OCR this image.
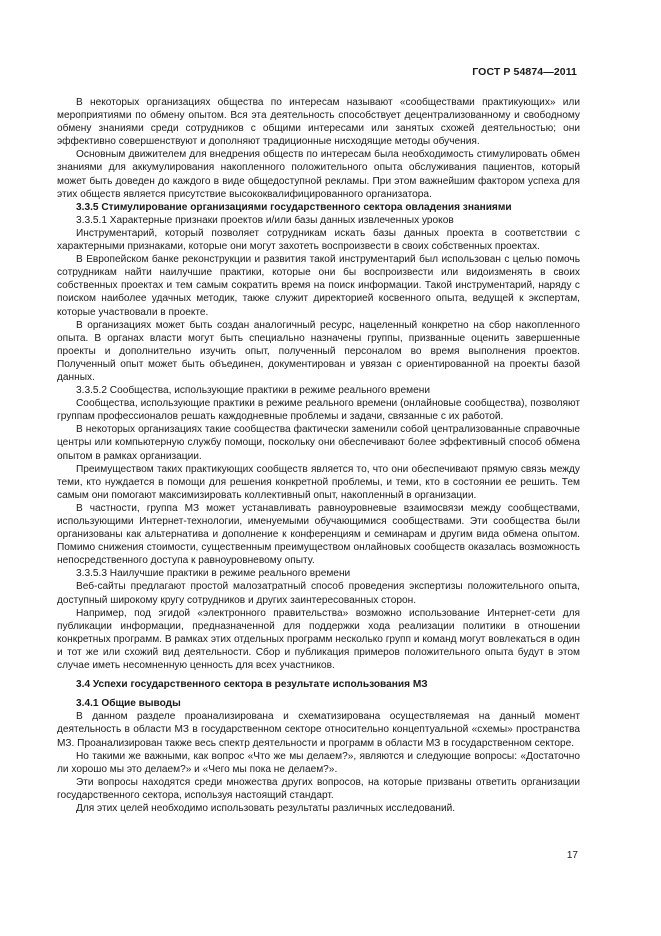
ГОСТ Р 54874—2011

В некоторых организациях общества по интересам называют «сообществами практикующих» или мероприятиями по обмену опытом. Вся эта деятельность способствует децентрализованному и свободному обмену знаниями среди сотрудников с общими интересами или занятых схожей деятельностью; они эффективно совершенствуют и дополняют традиционные нисходящие методы обучения.

Основным движителем для внедрения обществ по интересам была необходимость стимулировать обмен знаниями для аккумулирования накопленного положительного опыта обслуживания пациентов, который может быть доведен до каждого в виде общедоступной рекламы. При этом важнейшим фактором успеха для этих обществ является присутствие высококвалифицированного организатора.

3.3.5 Стимулирование организациями государственного сектора овладения знаниями

3.3.5.1 Характерные признаки проектов и/или базы данных извлеченных уроков

Инструментарий, который позволяет сотрудникам искать базы данных проекта в соответствии с характерными признаками, которые они могут захотеть воспроизвести в своих собственных проектах.

В Европейском банке реконструкции и развития такой инструментарий был использован с целью помочь сотрудникам найти наилучшие практики, которые они бы воспроизвести или видоизменять в своих собственных проектах и тем самым сократить время на поиск информации. Такой инструментарий, наряду с поиском наиболее удачных методик, также служит директорией косвенного опыта, ведущей к экспертам, которые участвовали в проекте.

В организациях может быть создан аналогичный ресурс, нацеленный конкретно на сбор накопленного опыта. В органах власти могут быть специально назначены группы, призванные оценить завершенные проекты и дополнительно изучить опыт, полученный персоналом во время выполнения проектов. Полученный опыт может быть объединен, документирован и увязан с ориентированной на проекты базой данных.

3.3.5.2 Сообщества, использующие практики в режиме реального времени

Сообщества, использующие практики в режиме реального времени (онлайновые сообщества), позволяют группам профессионалов решать каждодневные проблемы и задачи, связанные с их работой.

В некоторых организациях такие сообщества фактически заменили собой централизованные справочные центры или компьютерную службу помощи, поскольку они обеспечивают более эффективный способ обмена опытом в рамках организации.

Преимуществом таких практикующих сообществ является то, что они обеспечивают прямую связь между теми, кто нуждается в помощи для решения конкретной проблемы, и теми, кто в состоянии ее решить. Тем самым они помогают максимизировать коллективный опыт, накопленный в организации.

В частности, группа МЗ может устанавливать равноуровневые взаимосвязи между сообществами, использующими Интернет-технологии, именуемыми обучающимися сообществами. Эти сообщества были организованы как альтернатива и дополнение к конференциям и семинарам и другим вида обмена опытом. Помимо снижения стоимости, существенным преимуществом онлайновых сообществ оказалась возможность непосредственного доступа к равноуровневому опыту.

3.3.5.3 Наилучшие практики в режиме реального времени

Веб-сайты предлагают простой малозатратный способ проведения экспертизы положительного опыта, доступный широкому кругу сотрудников и других заинтересованных сторон.

Например, под эгидой «электронного правительства» возможно использование Интернет-сети для публикации информации, предназначенной для поддержки хода реализации политики в отношении конкретных программ. В рамках этих отдельных программ несколько групп и команд могут вовлекаться в один и тот же или схожий вид деятельности. Сбор и публикация примеров положительного опыта будут в этом случае иметь несомненную ценность для всех участников.

3.4 Успехи государственного сектора в результате использования МЗ

3.4.1 Общие выводы

В данном разделе проанализирована и схематизирована осуществляемая на данный момент деятельность в области МЗ в государственном секторе относительно концептуальной «схемы» пространства МЗ. Проанализирован также весь спектр деятельности и программ в области МЗ в государственном секторе.

Но такими же важными, как вопрос «Что же мы делаем?», являются и следующие вопросы: «Достаточно ли хорошо мы это делаем?» и «Чего мы пока не делаем?».

Эти вопросы находятся среди множества других вопросов, на которые призваны ответить организации государственного сектора, используя настоящий стандарт.

Для этих целей необходимо использовать результаты различных исследований.

17
